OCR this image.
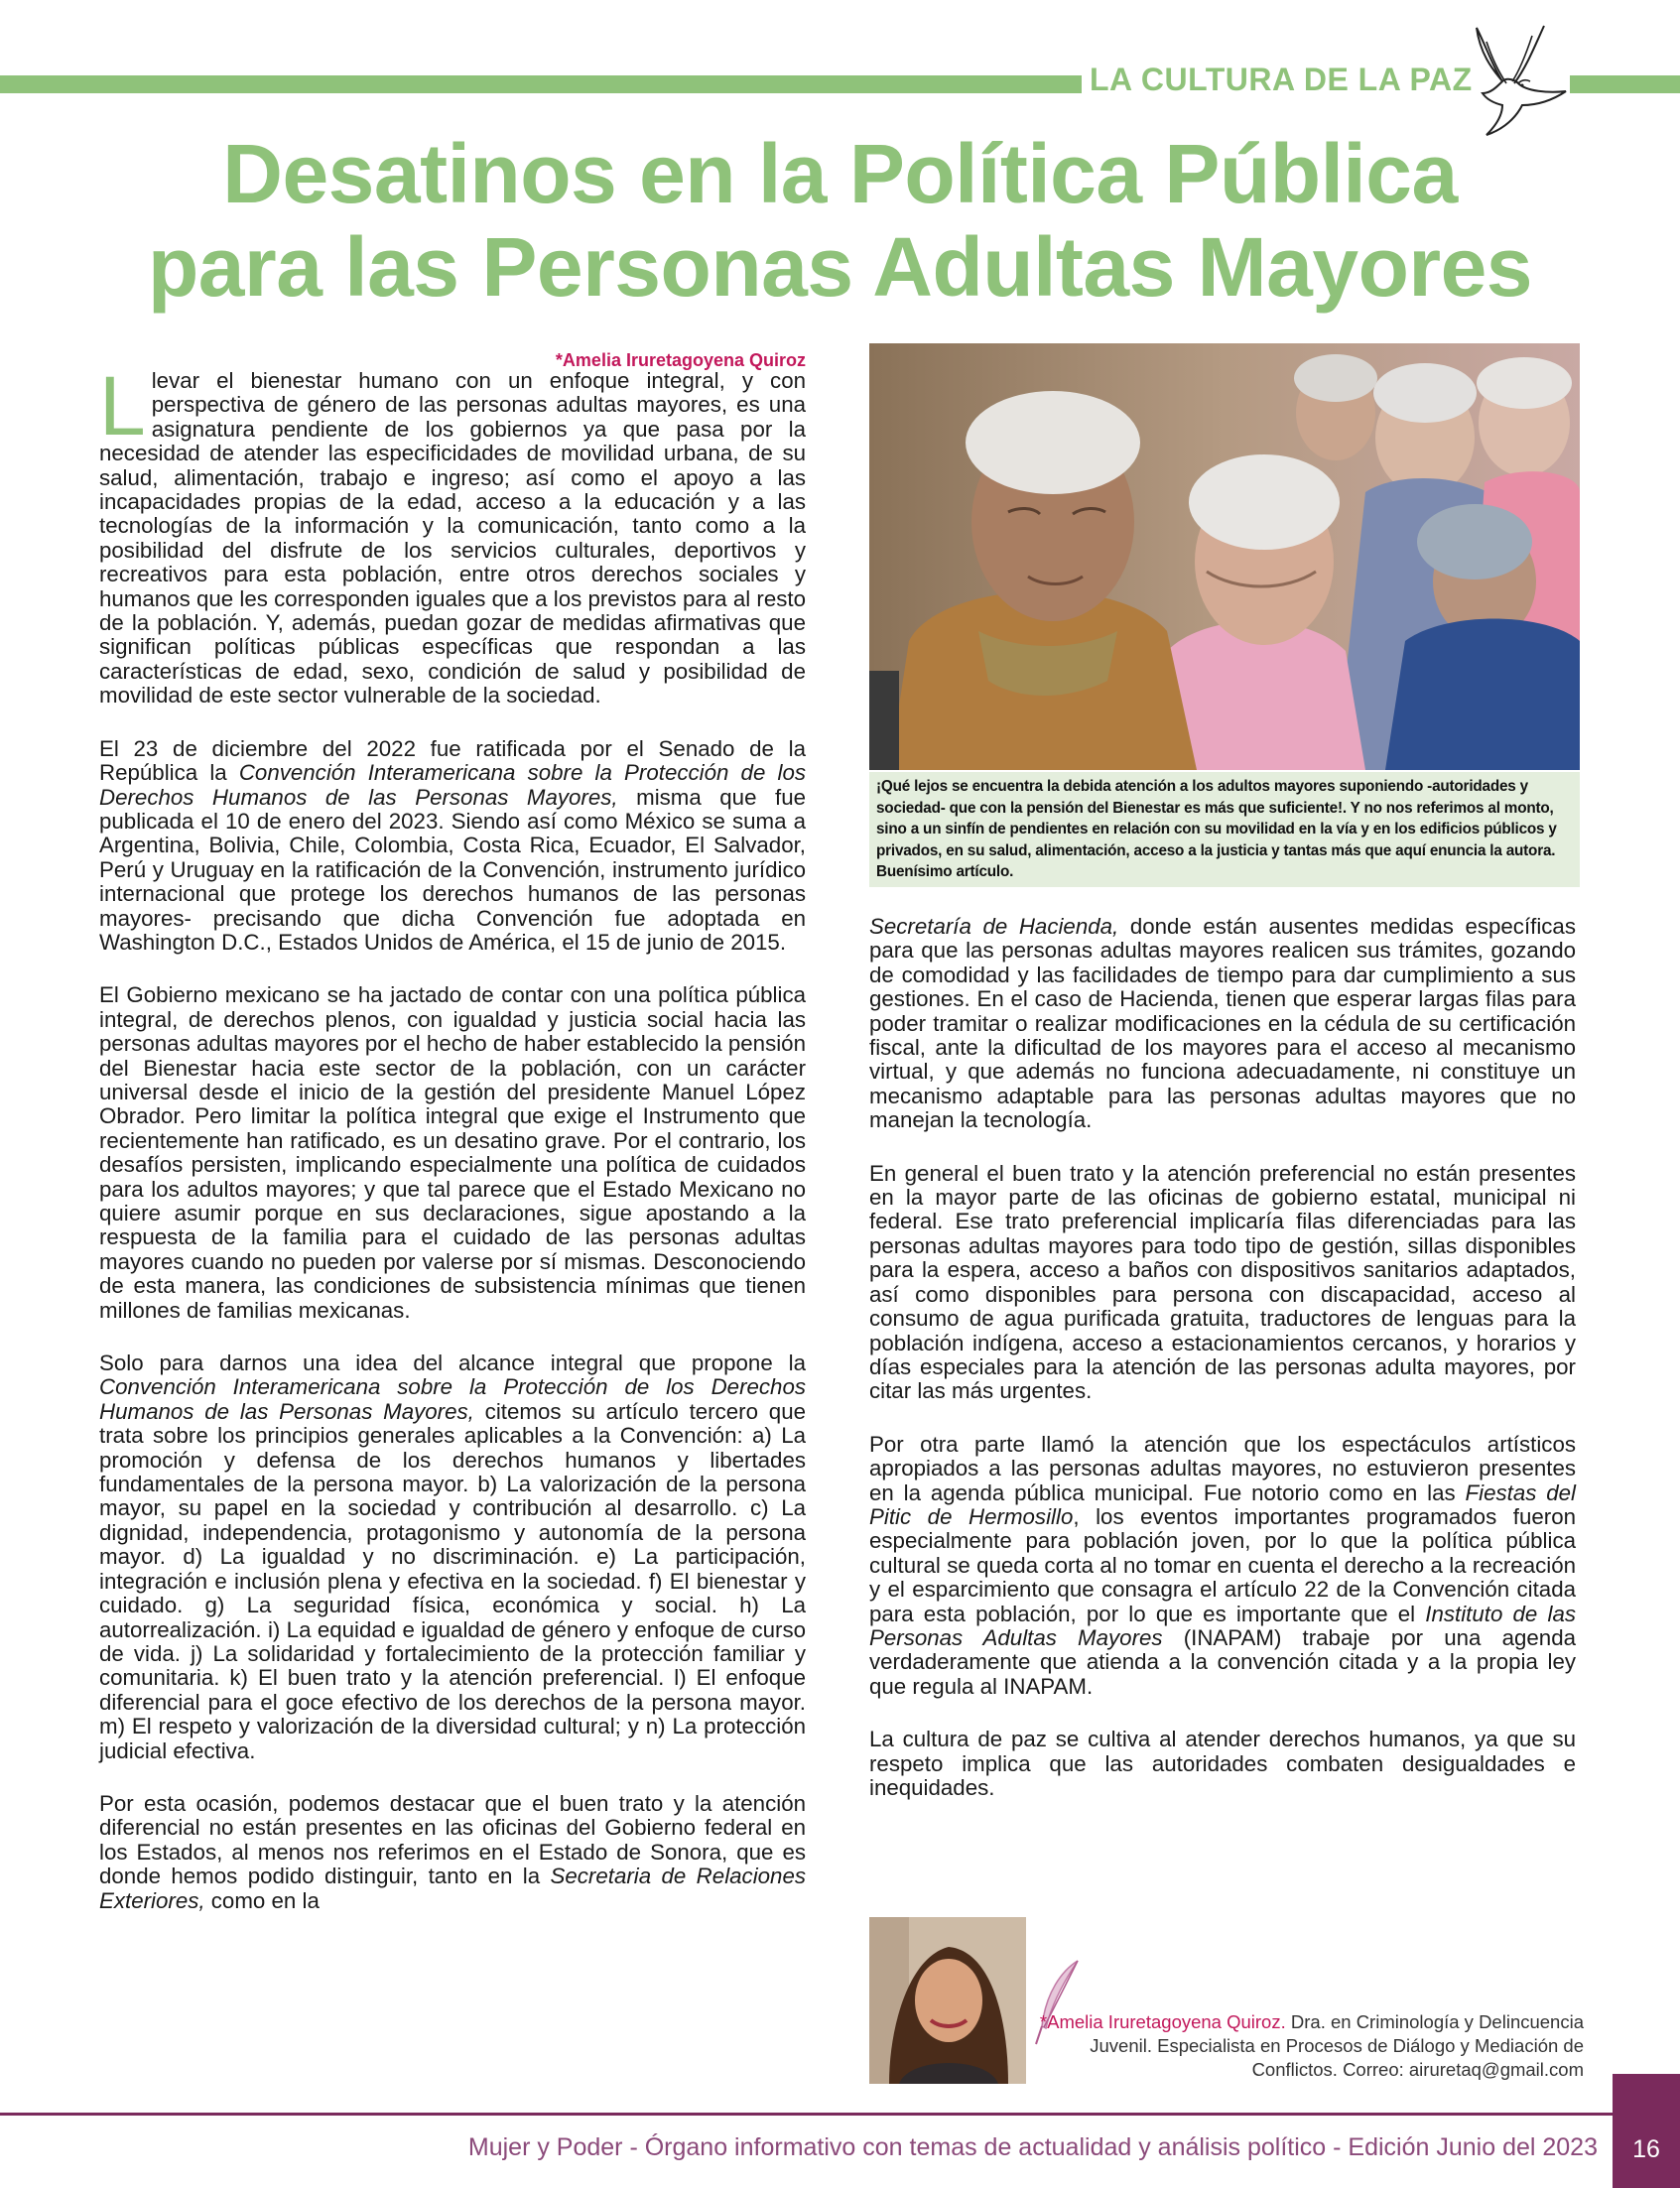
LA CULTURA DE LA PAZ
Desatinos en la Política Pública
para las Personas Adultas Mayores
*Amelia Iruretagoyena Quiroz

Llevar el bienestar humano con un enfoque integral, y con perspectiva de género de las personas adultas mayores, es una asignatura pendiente de los gobiernos ya que pasa por la necesidad de atender las especificidades de movilidad urbana, de su salud, alimentación, trabajo e ingreso; así como el apoyo a las incapacidades propias de la edad, acceso a la educación y a las tecnologías de la información y la comunicación, tanto como a la posibilidad del disfrute de los servicios culturales, deportivos y recreativos para esta población, entre otros derechos sociales y humanos que les corresponden iguales que a los previstos para al resto de la población. Y, además, puedan gozar de medidas afirmativas que significan políticas públicas específicas que respondan a las características de edad, sexo, condición de salud y posibilidad de movilidad de este sector vulnerable de la sociedad.

El 23 de diciembre del 2022 fue ratificada por el Senado de la República la Convención Interamericana sobre la Protección de los Derechos Humanos de las Personas Mayores, misma que fue publicada el 10 de enero del 2023. Siendo así como México se suma a Argentina, Bolivia, Chile, Colombia, Costa Rica, Ecuador, El Salvador, Perú y Uruguay en la ratificación de la Convención, instrumento jurídico internacional que protege los derechos humanos de las personas mayores- precisando que dicha Convención fue adoptada en Washington D.C., Estados Unidos de América, el 15 de junio de 2015.

El Gobierno mexicano se ha jactado de contar con una política pública integral, de derechos plenos, con igualdad y justicia social hacia las personas adultas mayores por el hecho de haber establecido la pensión del Bienestar hacia este sector de la población, con un carácter universal desde el inicio de la gestión del presidente Manuel López Obrador. Pero limitar la política integral que exige el Instrumento que recientemente han ratificado, es un desatino grave. Por el contrario, los desafíos persisten, implicando especialmente una política de cuidados para los adultos mayores; y que tal parece que el Estado Mexicano no quiere asumir porque en sus declaraciones, sigue apostando a la respuesta de la familia para el cuidado de las personas adultas mayores cuando no pueden por valerse por sí mismas. Desconociendo de esta manera, las condiciones de subsistencia mínimas que tienen millones de familias mexicanas.

Solo para darnos una idea del alcance integral que propone la Convención Interamericana sobre la Protección de los Derechos Humanos de las Personas Mayores, citemos su artículo tercero que trata sobre los principios generales aplicables a la Convención: a) La promoción y defensa de los derechos humanos y libertades fundamentales de la persona mayor. b) La valorización de la persona mayor, su papel en la sociedad y contribución al desarrollo. c) La dignidad, independencia, protagonismo y autonomía de la persona mayor. d) La igualdad y no discriminación. e) La participación, integración e inclusión plena y efectiva en la sociedad. f) El bienestar y cuidado. g) La seguridad física, económica y social. h) La autorrealización. i) La equidad e igualdad de género y enfoque de curso de vida. j) La solidaridad y fortalecimiento de la protección familiar y comunitaria. k) El buen trato y la atención preferencial. l) El enfoque diferencial para el goce efectivo de los derechos de la persona mayor. m) El respeto y valorización de la diversidad cultural; y n) La protección judicial efectiva.

Por esta ocasión, podemos destacar que el buen trato y la atención diferencial no están presentes en las oficinas del Gobierno federal en los Estados, al menos nos referimos en el Estado de Sonora, que es donde hemos podido distinguir, tanto en la Secretaria de Relaciones Exteriores, como en la

¡Qué lejos se encuentra la debida atención a los adultos mayores suponiendo -autoridades y sociedad- que con la pensión del Bienestar es más que suficiente!. Y no nos referimos al monto, sino a un sinfín de pendientes en relación con su movilidad en la vía y en los edificios públicos y privados, en su salud, alimentación, acceso a la justicia y tantas más que aquí enuncia la autora. Buenísimo artículo.

Secretaría de Hacienda, donde están ausentes medidas específicas para que las personas adultas mayores realicen sus trámites, gozando de comodidad y las facilidades de tiempo para dar cumplimiento a sus gestiones. En el caso de Hacienda, tienen que esperar largas filas para poder tramitar o realizar modificaciones en la cédula de su certificación fiscal, ante la dificultad de los mayores para el acceso al mecanismo virtual, y que además no funciona adecuadamente, ni constituye un mecanismo adaptable para las personas adultas mayores que no manejan la tecnología.

En general el buen trato y la atención preferencial no están presentes en la mayor parte de las oficinas de gobierno estatal, municipal ni federal. Ese trato preferencial implicaría filas diferenciadas para las personas adultas mayores para todo tipo de gestión, sillas disponibles para la espera, acceso a baños con dispositivos sanitarios adaptados, así como disponibles para persona con discapacidad, acceso al consumo de agua purificada gratuita, traductores de lenguas para la población indígena, acceso a estacionamientos cercanos, y horarios y días especiales para la atención de las personas adulta mayores, por citar las más urgentes.

Por otra parte llamó la atención que los espectáculos artísticos apropiados a las personas adultas mayores, no estuvieron presentes en la agenda pública municipal. Fue notorio como en las Fiestas del Pitic de Hermosillo, los eventos importantes programados fueron especialmente para población joven, por lo que la política pública cultural se queda corta al no tomar en cuenta el derecho a la recreación y el esparcimiento que consagra el artículo 22 de la Convención citada para esta población, por lo que es importante que el Instituto de las Personas Adultas Mayores (INAPAM) trabaje por una agenda verdaderamente que atienda a la convención citada y a la propia ley que regula al INAPAM.

La cultura de paz se cultiva al atender derechos humanos, ya que su respeto implica que las autoridades combaten desigualdades e inequidades.

*Amelia Iruretagoyena Quiroz. Dra. en Criminología y Delincuencia Juvenil. Especialista en Procesos de Diálogo y Mediación de Conflictos. Correo: airuretaq@gmail.com
Mujer y Poder - Órgano informativo con temas de actualidad y análisis político - Edición Junio del 2023	16
